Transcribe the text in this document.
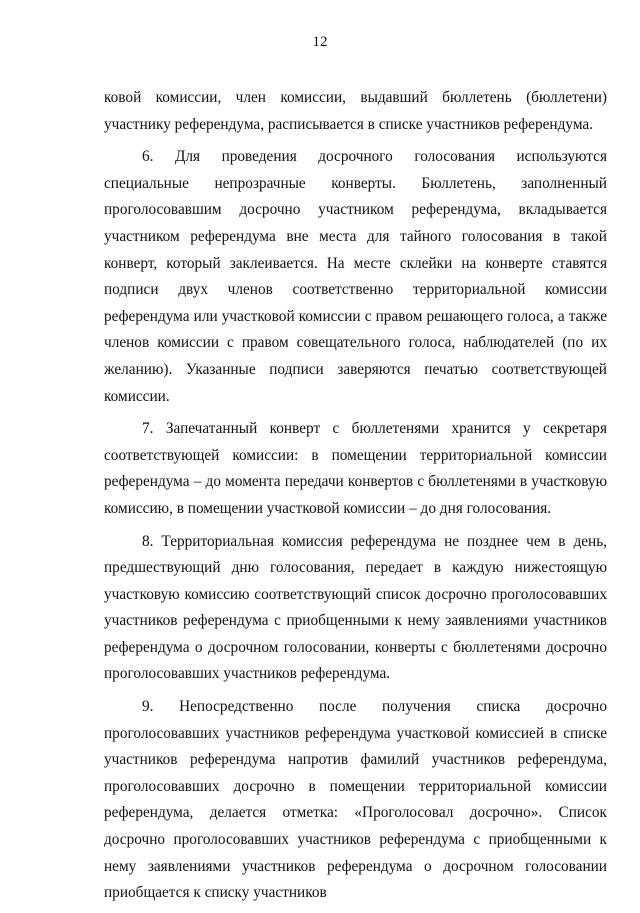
12

ковой комиссии, член комиссии, выдавший бюллетень (бюллетени) участнику референдума, расписывается в списке участников референдума.

6. Для проведения досрочного голосования используются специальные непрозрачные конверты. Бюллетень, заполненный проголосовавшим досрочно участником референдума, вкладывается участником референдума вне места для тайного голосования в такой конверт, который заклеивается. На месте склейки на конверте ставятся подписи двух членов соответственно территориальной комиссии референдума или участковой комиссии с правом решающего голоса, а также членов комиссии с правом совещательного голоса, наблюдателей (по их желанию). Указанные подписи заверяются печатью соответствующей комиссии.

7. Запечатанный конверт с бюллетенями хранится у секретаря соответствующей комиссии: в помещении территориальной комиссии референдума – до момента передачи конвертов с бюллетенями в участковую комиссию, в помещении участковой комиссии – до дня голосования.

8. Территориальная комиссия референдума не позднее чем в день, предшествующий дню голосования, передает в каждую нижестоящую участковую комиссию соответствующий список досрочно проголосовавших участников референдума с приобщенными к нему заявлениями участников референдума о досрочном голосовании, конверты с бюллетенями досрочно проголосовавших участников референдума.

9. Непосредственно после получения списка досрочно проголосовавших участников референдума участковой комиссией в списке участников референдума напротив фамилий участников референдума, проголосовавших досрочно в помещении территориальной комиссии референдума, делается отметка: «Проголосовал досрочно». Список досрочно проголосовавших участников референдума с приобщенными к нему заявлениями участников референдума о досрочном голосовании приобщается к списку участников
